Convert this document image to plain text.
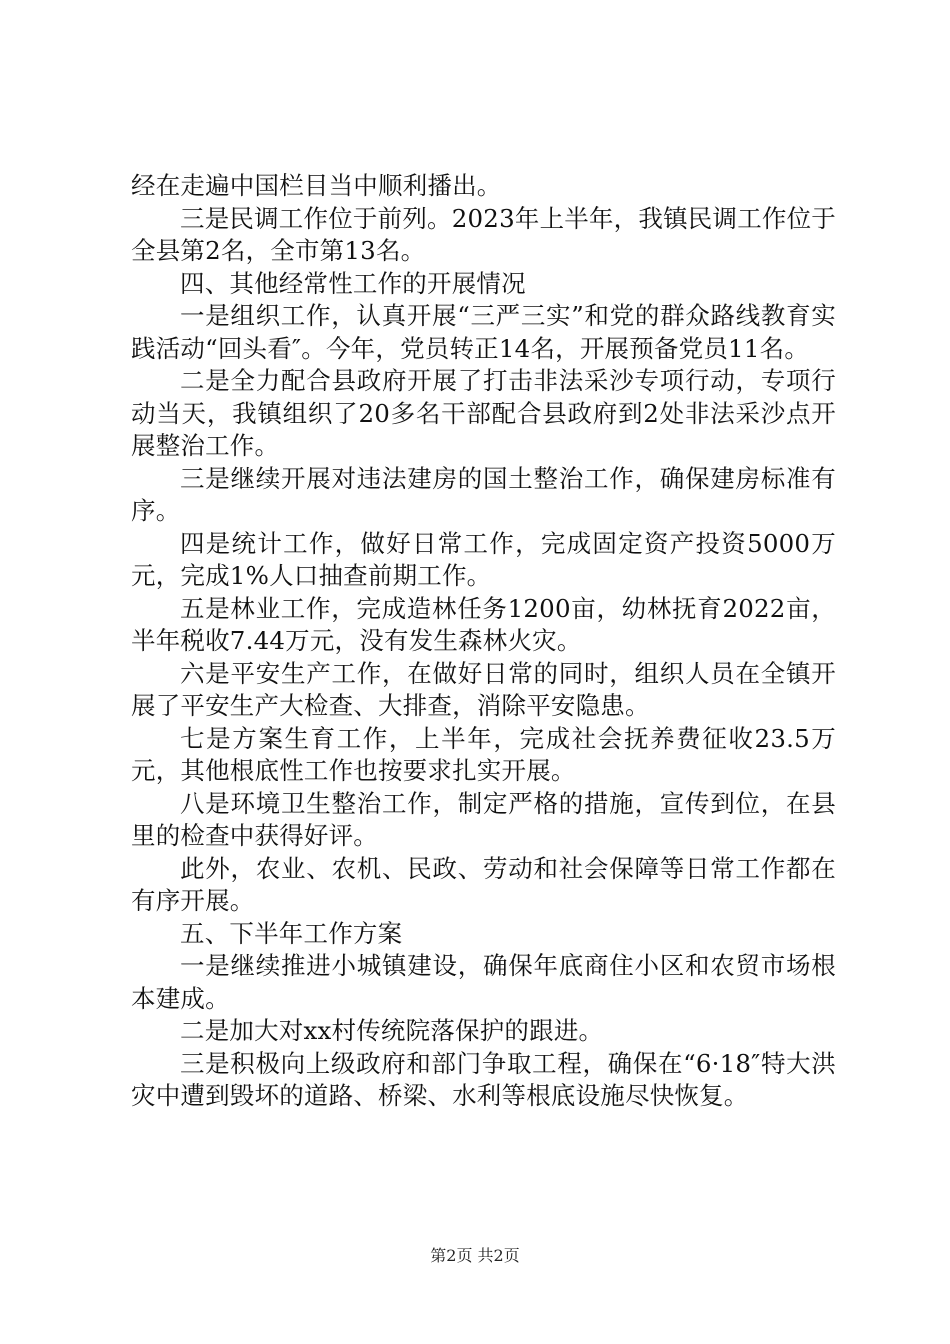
经在走遍中国栏目当中顺利播出。

三是民调工作位于前列。2023年上半年，我镇民调工作位于全县第2名，全市第13名。

四、其他经常性工作的开展情况

一是组织工作，认真开展“三严三实”和党的群众路线教育实践活动“回头看″。今年，党员转正14名，开展预备党员11名。

二是全力配合县政府开展了打击非法采沙专项行动，专项行动当天，我镇组织了20多名干部配合县政府到2处非法采沙点开展整治工作。

三是继续开展对违法建房的国土整治工作，确保建房标准有序。

四是统计工作，做好日常工作，完成固定资产投资5000万元，完成1%人口抽查前期工作。

五是林业工作，完成造林任务1200亩，幼林抚育2022亩，半年税收7.44万元，没有发生森林火灾。

六是平安生产工作，在做好日常的同时，组织人员在全镇开展了平安生产大检查、大排查，消除平安隐患。

七是方案生育工作，上半年，完成社会抚养费征收23.5万元，其他根底性工作也按要求扎实开展。

八是环境卫生整治工作，制定严格的措施，宣传到位，在县里的检查中获得好评。

此外，农业、农机、民政、劳动和社会保障等日常工作都在有序开展。

五、下半年工作方案

一是继续推进小城镇建设，确保年底商住小区和农贸市场根本建成。

二是加大对xx村传统院落保护的跟进。

三是积极向上级政府和部门争取工程，确保在“6·18″特大洪灾中遭到毁坏的道路、桥梁、水利等根底设施尽快恢复。

第2页 共2页
